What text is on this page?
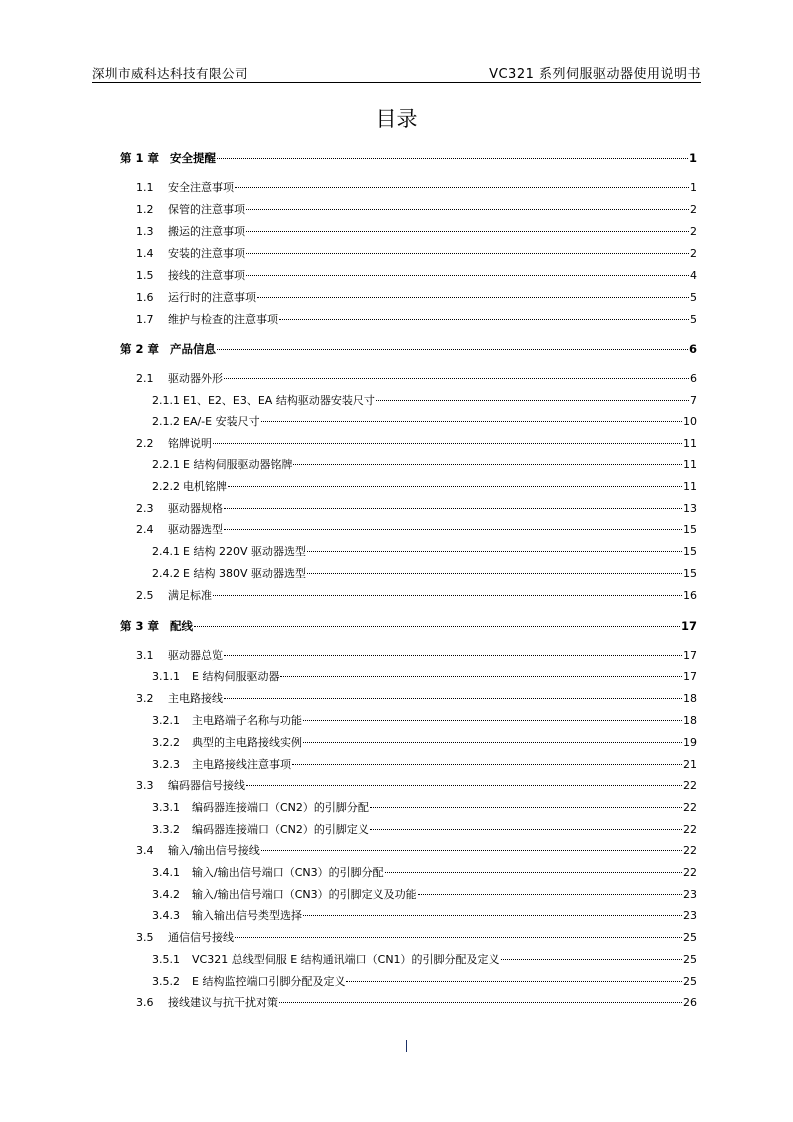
深圳市威科达科技有限公司	VC321 系列伺服驱动器使用说明书
目录
第 1 章 安全提醒	1
1.1	安全注意事项	1
1.2	保管的注意事项	2
1.3	搬运的注意事项	2
1.4	安装的注意事项	2
1.5	接线的注意事项	4
1.6	运行时的注意事项	5
1.7	维护与检查的注意事项	5
第 2 章 产品信息	6
2.1	驱动器外形	6
2.1.1 E1、E2、E3、EA 结构驱动器安装尺寸	7
2.1.2 EA/-E 安装尺寸	10
2.2	铭牌说明	11
2.2.1 E 结构伺服驱动器铭牌	11
2.2.2 电机铭牌	11
2.3	驱动器规格	13
2.4	驱动器选型	15
2.4.1 E 结构 220V 驱动器选型	15
2.4.2 E 结构 380V 驱动器选型	15
2.5	满足标准	16
第 3 章 配线	17
3.1	驱动器总览	17
3.1.1	E 结构伺服驱动器	17
3.2	主电路接线	18
3.2.1	主电路端子名称与功能	18
3.2.2	典型的主电路接线实例	19
3.2.3	主电路接线注意事项	21
3.3	编码器信号接线	22
3.3.1	编码器连接端口（CN2）的引脚分配	22
3.3.2	编码器连接端口（CN2）的引脚定义	22
3.4	输入/输出信号接线	22
3.4.1	输入/输出信号端口（CN3）的引脚分配	22
3.4.2	输入/输出信号端口（CN3）的引脚定义及功能	23
3.4.3	输入输出信号类型选择	23
3.5	通信信号接线	25
3.5.1	VC321 总线型伺服 E 结构通讯端口（CN1）的引脚分配及定义	25
3.5.2	E 结构监控端口引脚分配及定义	25
3.6	接线建议与抗干扰对策	26
